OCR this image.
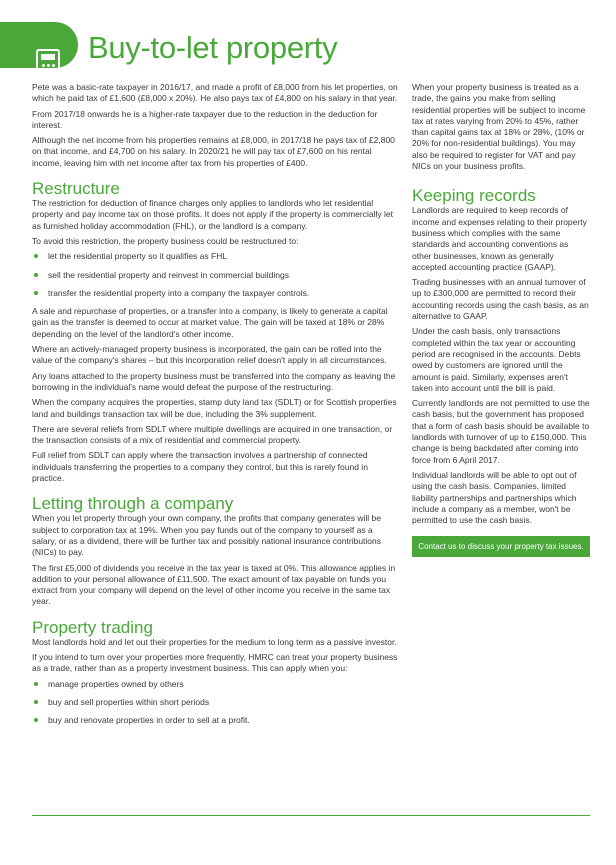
Buy-to-let property

Pete was a basic-rate taxpayer in 2016/17, and made a profit of £8,000 from his let properties, on which he paid tax of £1,600 (£8,000 x 20%). He also pays tax of £4,800 on his salary in that year.

From 2017/18 onwards he is a higher-rate taxpayer due to the reduction in the deduction for interest.

Although the net income from his properties remains at £8,000, in 2017/18 he pays tax of £2,800 on that income, and £4,700 on his salary. In 2020/21 he will pay tax of £7,600 on his rental income, leaving him with net income after tax from his properties of £400.

Restructure

The restriction for deduction of finance charges only applies to landlords who let residential property and pay income tax on those profits. It does not apply if the property is commercially let as furnished holiday accommodation (FHL), or the landlord is a company.

To avoid this restriction, the property business could be restructured to:

let the residential property so it qualifies as FHL
sell the residential property and reinvest in commercial buildings
transfer the residential property into a company the taxpayer controls.

A sale and repurchase of properties, or a transfer into a company, is likely to generate a capital gain as the transfer is deemed to occur at market value. The gain will be taxed at 18% or 28% depending on the level of the landlord's other income.

Where an actively-managed property business is incorporated, the gain can be rolled into the value of the company's shares – but this incorporation relief doesn't apply in all circumstances.

Any loans attached to the property business must be transferred into the company as leaving the borrowing in the individual's name would defeat the purpose of the restructuring.

When the company acquires the properties, stamp duty land tax (SDLT) or for Scottish properties land and buildings transaction tax will be due, including the 3% supplement.

There are several reliefs from SDLT where multiple dwellings are acquired in one transaction, or the transaction consists of a mix of residential and commercial property.

Full relief from SDLT can apply where the transaction involves a partnership of connected individuals transferring the properties to a company they control, but this is rarely found in practice.

Letting through a company

When you let property through your own company, the profits that company generates will be subject to corporation tax at 19%. When you pay funds out of the company to yourself as a salary, or as a dividend, there will be further tax and possibly national insurance contributions (NICs) to pay.

The first £5,000 of dividends you receive in the tax year is taxed at 0%. This allowance applies in addition to your personal allowance of £11,500. The exact amount of tax payable on funds you extract from your company will depend on the level of other income you receive in the same tax year.

Property trading

Most landlords hold and let out their properties for the medium to long term as a passive investor.

If you intend to turn over your properties more frequently, HMRC can treat your property business as a trade, rather than as a property investment business. This can apply when you:

manage properties owned by others
buy and sell properties within short periods
buy and renovate properties in order to sell at a profit.

When your property business is treated as a trade, the gains you make from selling residential properties will be subject to income tax at rates varying from 20% to 45%, rather than capital gains tax at 18% or 28%, (10% or 20% for non-residential buildings). You may also be required to register for VAT and pay NICs on your business profits.

Keeping records

Landlords are required to keep records of income and expenses relating to their property business which complies with the same standards and accounting conventions as other businesses, known as generally accepted accounting practice (GAAP).

Trading businesses with an annual turnover of up to £300,000 are permitted to record their accounting records using the cash basis, as an alternative to GAAP.

Under the cash basis, only transactions completed within the tax year or accounting period are recognised in the accounts. Debts owed by customers are ignored until the amount is paid. Similarly, expenses aren't taken into account until the bill is paid.

Currently landlords are not permitted to use the cash basis, but the government has proposed that a form of cash basis should be available to landlords with turnover of up to £150,000. This change is being backdated after coming into force from 6 April 2017.

Individual landlords will be able to opt out of using the cash basis. Companies, limited liability partnerships and partnerships which include a company as a member, won't be permitted to use the cash basis.

Contact us to discuss your property tax issues.
